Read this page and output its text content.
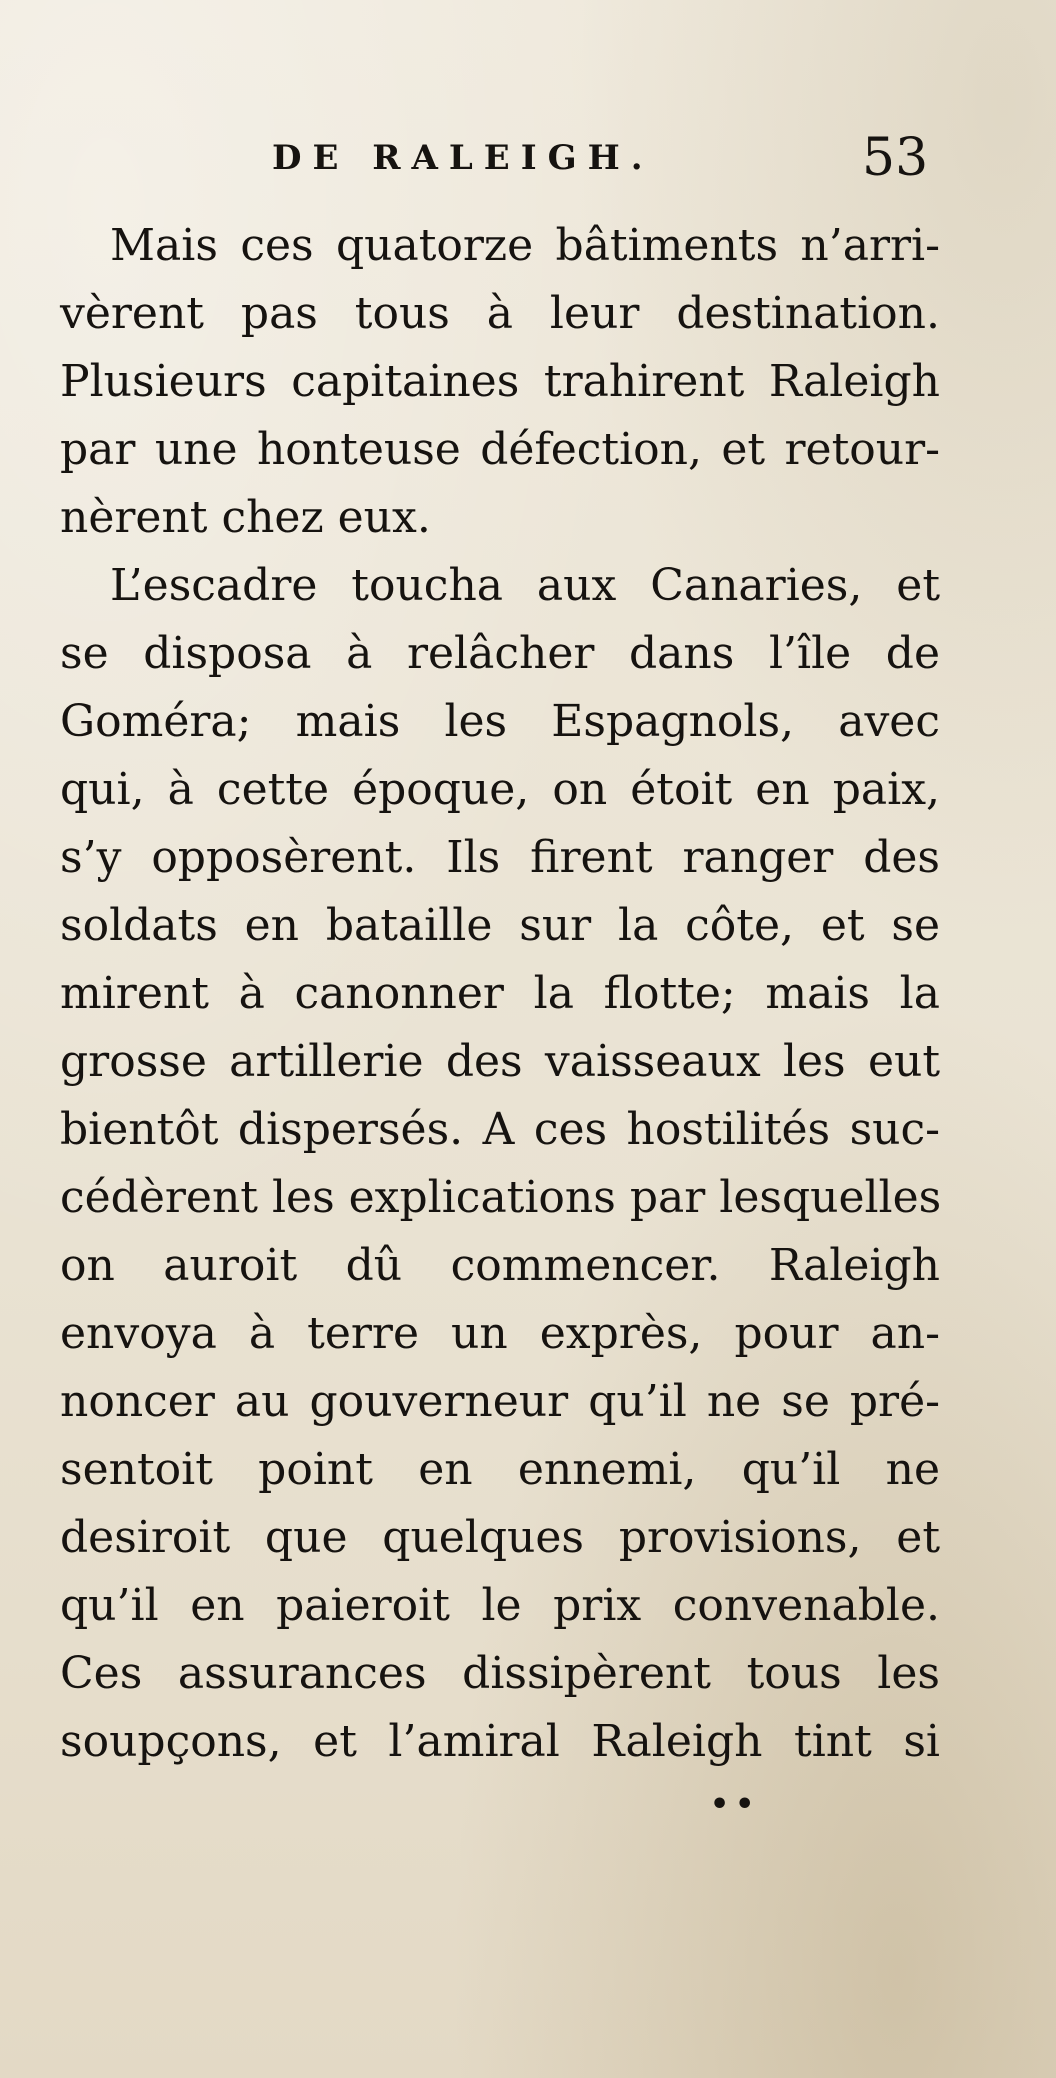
DE RALEIGH.	53
Mais ces quatorze bâtiments n’arri-
vèrent pas tous à leur destination.
Plusieurs capitaines trahirent Raleigh
par une honteuse défection, et retour-
nèrent chez eux.
L’escadre toucha aux Canaries, et
se disposa à relâcher dans l’île de
Goméra; mais les Espagnols, avec
qui, à cette époque, on étoit en paix,
s’y opposèrent. Ils firent ranger des
soldats en bataille sur la côte, et se
mirent à canonner la flotte; mais la
grosse artillerie des vaisseaux les eut
bientôt dispersés. A ces hostilités suc-
cédèrent les explications par lesquelles
on auroit dû commencer. Raleigh
envoya à terre un exprès, pour an-
noncer au gouverneur qu’il ne se pré-
sentoit point en ennemi, qu’il ne
desiroit que quelques provisions, et
qu’il en paieroit le prix convenable.
Ces assurances dissipèrent tous les
soupçons, et l’amiral Raleigh tint si
••
